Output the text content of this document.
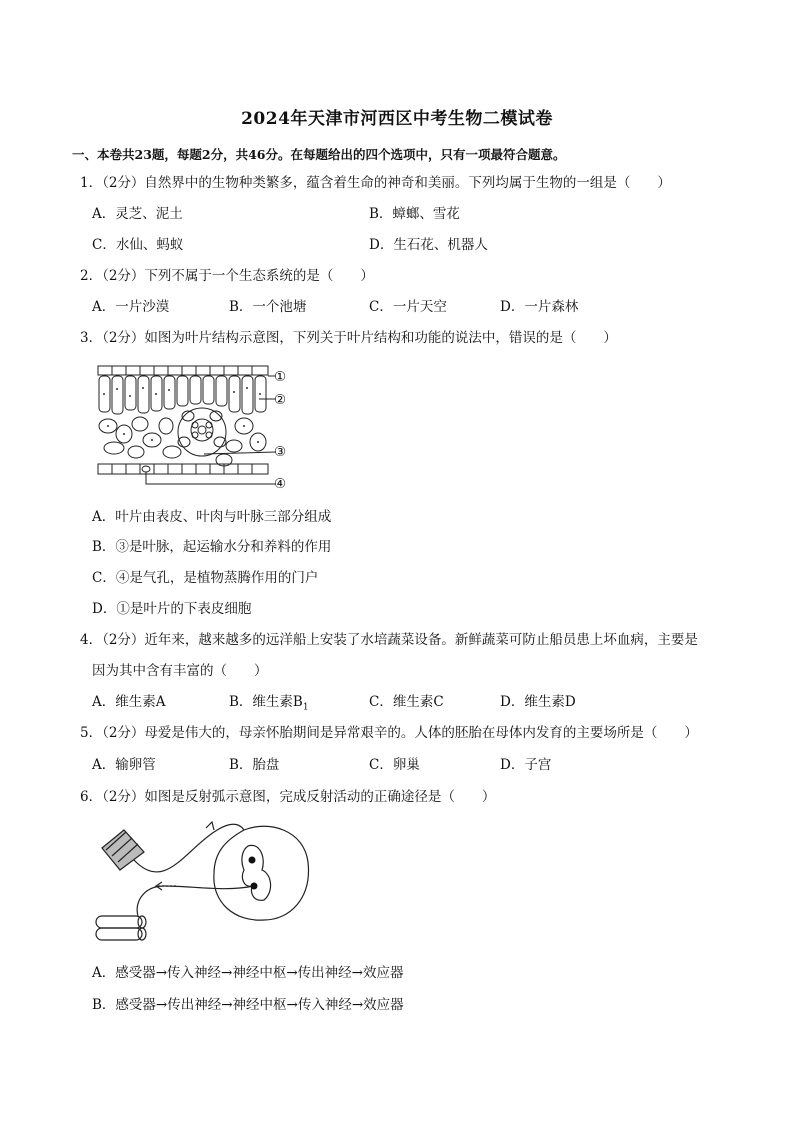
2024年天津市河西区中考生物二模试卷
一、本卷共23题，每题2分，共46分。在每题给出的四个选项中，只有一项最符合题意。
1．（2分）自然界中的生物种类繁多，蕴含着生命的神奇和美丽。下列均属于生物的一组是（　　）
A．灵芝、泥土	B．蟑螂、雪花
C．水仙、蚂蚁	D．生石花、机器人
2．（2分）下列不属于一个生态系统的是（　　）
A．一片沙漠	B．一个池塘	C．一片天空	D．一片森林
3．（2分）如图为叶片结构示意图，下列关于叶片结构和功能的说法中，错误的是（　　）
①
②
③
④
A．叶片由表皮、叶肉与叶脉三部分组成
B．③是叶脉，起运输水分和养料的作用
C．④是气孔，是植物蒸腾作用的门户
D．①是叶片的下表皮细胞
4．（2分）近年来，越来越多的远洋船上安装了水培蔬菜设备。新鲜蔬菜可防止船员患上坏血病，主要是
因为其中含有丰富的（　　）
A．维生素A	B．维生素$B_1$	C．维生素C	D．维生素D
5．（2分）母爱是伟大的，母亲怀胎期间是异常艰辛的。人体的胚胎在母体内发育的主要场所是（　　）
A．输卵管	B．胎盘	C．卵巢	D．子宫
6．（2分）如图是反射弧示意图，完成反射活动的正确途径是（　　）
A．感受器→传入神经→神经中枢→传出神经→效应器
B．感受器→传出神经→神经中枢→传入神经→效应器
